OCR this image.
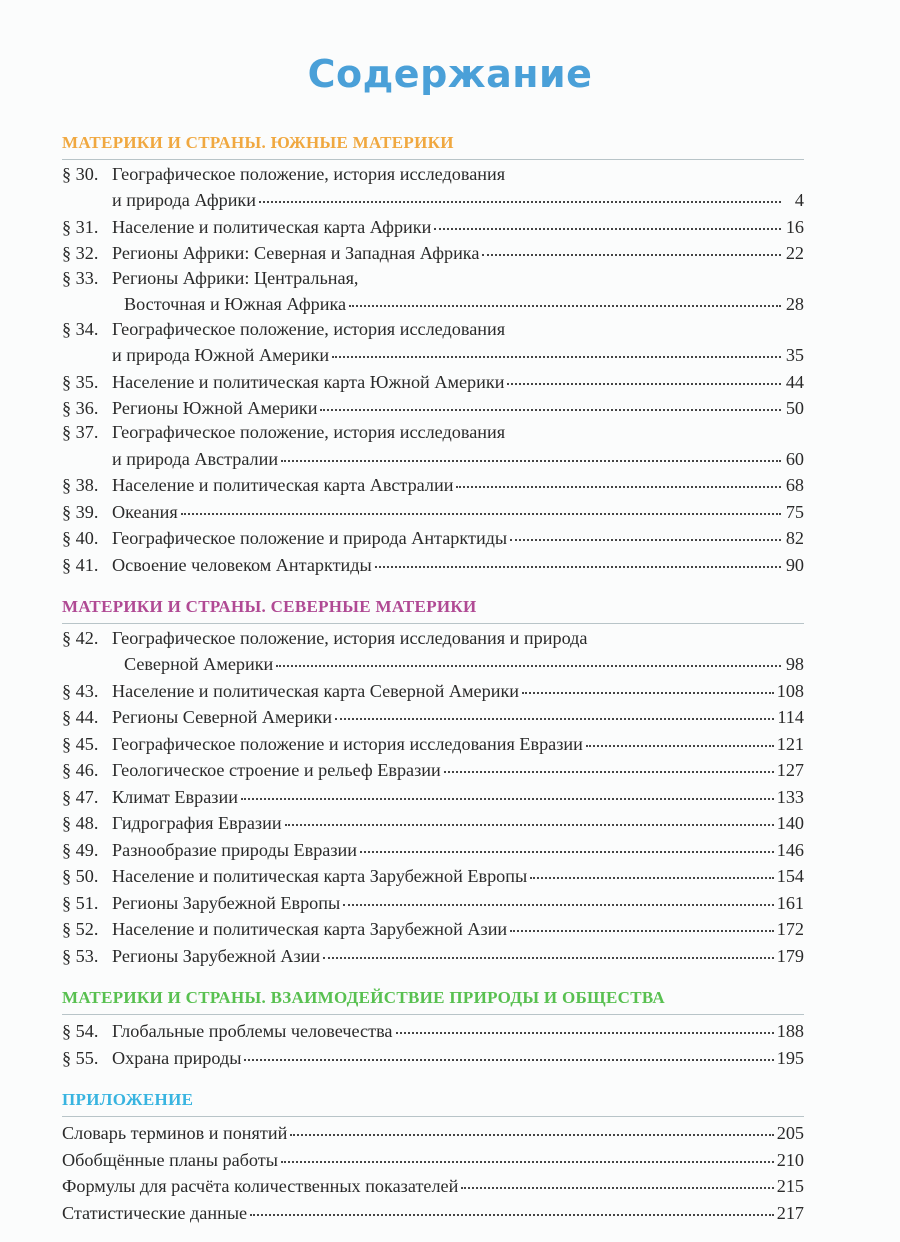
Содержание
МАТЕРИКИ И СТРАНЫ. ЮЖНЫЕ МАТЕРИКИ
§ 30. Географическое положение, история исследования
и природа Африки	4
§ 31. Население и политическая карта Африки	16
§ 32. Регионы Африки: Северная и Западная Африка	22
§ 33. Регионы Африки: Центральная,
Восточная и Южная Африка	28
§ 34. Географическое положение, история исследования
и природа Южной Америки	35
§ 35. Население и политическая карта Южной Америки	44
§ 36. Регионы Южной Америки	50
§ 37. Географическое положение, история исследования
и природа Австралии	60
§ 38. Население и политическая карта Австралии	68
§ 39. Океания	75
§ 40. Географическое положение и природа Антарктиды	82
§ 41. Освоение человеком Антарктиды	90
МАТЕРИКИ И СТРАНЫ. СЕВЕРНЫЕ МАТЕРИКИ
§ 42. Географическое положение, история исследования и природа
Северной Америки	98
§ 43. Население и политическая карта Северной Америки	108
§ 44. Регионы Северной Америки	114
§ 45. Географическое положение и история исследования Евразии	121
§ 46. Геологическое строение и рельеф Евразии	127
§ 47. Климат Евразии	133
§ 48. Гидрография Евразии	140
§ 49. Разнообразие природы Евразии	146
§ 50. Население и политическая карта Зарубежной Европы	154
§ 51. Регионы Зарубежной Европы	161
§ 52. Население и политическая карта Зарубежной Азии	172
§ 53. Регионы Зарубежной Азии	179
МАТЕРИКИ И СТРАНЫ. ВЗАИМОДЕЙСТВИЕ ПРИРОДЫ И ОБЩЕСТВА
§ 54. Глобальные проблемы человечества	188
§ 55. Охрана природы	195
ПРИЛОЖЕНИЕ
Словарь терминов и понятий	205
Обобщённые планы работы	210
Формулы для расчёта количественных показателей	215
Статистические данные	217
